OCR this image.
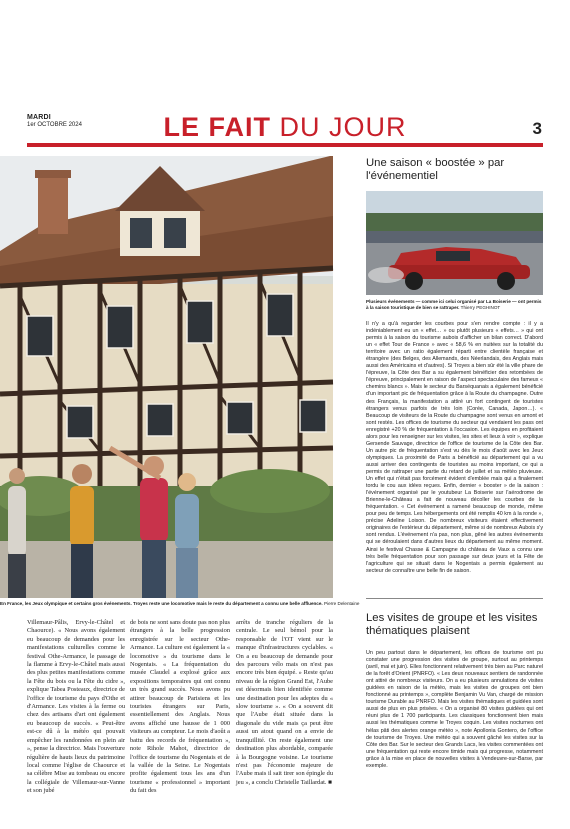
MARDI
1er OCTOBRE 2024	LE FAIT DU JOUR	3
En France, les Jeux olympique et certains gros événements. Troyes reste une locomotive mais le reste du département a connu une belle affluence. Pierre Delentaine

Villemaur-Pâlis, Ervy-le-Châtel et Chaource). « Nous avons également eu beaucoup de demandes pour les manifestations culturelles comme le festival Othe-Armance, le passage de la flamme à Ervy-le-Châtel mais aussi des plus petites manifestations comme la Fête du bois ou la Fête du cidre », explique Tabea Posteaux, directrice de l'office de tourisme du pays d'Othe et d'Armance. Les visites à la ferme ou chez des artisans d'art ont également eu beaucoup de succès. « Peut-être est-ce dû à la météo qui pouvait empêcher les randonnées en plein air », pense la directrice. Mais l'ouverture régulière de hauts lieux du patrimoine local comme l'église de Chaource et sa célèbre Mise au tombeau ou encore la collégiale de Villemaur-sur-Vanne et son jubé

de bois ne sont sans doute pas non plus étrangers à la belle progression enregistrée sur le secteur Othe-Armance. La culture est également la « locomotive » du tourisme dans le Nogentais. « La fréquentation du musée Claudel a explosé grâce aux expositions temporaires qui ont connu un très grand succès. Nous avons pu attirer beaucoup de Parisiens et les touristes étrangers sur Paris, essentiellement des Anglais. Nous avons affiché une hausse de 1 000 visiteurs au compteur. Le mois d'août a battu des records de fréquentation », note Rihole Mahot, directrice de l'office de tourisme du Nogentais et de la vallée de la Seine. Le Nogentais profite également tous les ans d'un tourisme « professionnel » important du fait des

arrêts de tranche réguliers de la centrale. Le seul bémol pour la responsable de l'OT vient sur le manque d'infrastructures cyclables. « On a eu beaucoup de demande pour des parcours vélo mais on n'est pas encore très bien équipé. » Reste qu'au niveau de la région Grand Est, l'Aube est désormais bien identifiée comme une destination pour les adeptes du « slow tourisme ». « On a souvent dit que l'Aube était située dans la diagonale du vide mais ça peut être aussi un atout quand on a envie de tranquillité. On reste également une destination plus abordable, comparée à la Bourgogne voisine. Le tourisme n'est pas l'économie majeure de l'Aube mais il sait tirer son épingle du jeu », a conclu Christelle Taillardat. ■

Une saison « boostée » par l'événementiel
Plusieurs événements — comme ici celui organisé par La Boiserie — ont permis à la saison touristique de bien se rattraper. Thierry PEGHINOT

Il n'y a qu'à regarder les courbes pour s'en rendre compte : il y a indéniablement eu un « effet… » ou plutôt plusieurs « effets… » qui ont permis à la saison du tourisme aubois d'afficher un bilan correct. D'abord un « effet Tour de France » avec « 58,6 % en nuitées sur la totalité du territoire avec un ratio également réparti entre clientèle française et étrangère (des Belges, des Allemands, des Néerlandais, des Anglais mais aussi des Américains et d'autres). Si Troyes a bien sûr été la ville phare de l'épreuve, la Côte des Bar a su également bénéficier des retombées de l'épreuve, principalement en raison de l'aspect spectaculaire des fameux « chemins blancs ». Mais le secteur du Barséquanais a également bénéficié d'un important pic de fréquentation grâce à la Route du champagne. Outre des Français, la manifestation a attiré un fort contingent de touristes étrangers venus parfois de très loin (Corée, Canada, Japon…). « Beaucoup de visiteurs de la Route du champagne sont venus en amont et sont restés. Les offices de tourisme du secteur qui vendaient les pass ont enregistré +20 % de fréquentation à l'occasion. Les équipes en profitaient alors pour les renseigner sur les visites, les sites et lieux à voir », explique Gersende Sauvage, directrice de l'office de tourisme de la Côte des Bar. Un autre pic de fréquentation s'est vu dès le mois d'août avec les Jeux olympiques. La proximité de Paris a bénéficié au département qui a vu aussi arriver des contingents de touristes au moins important, ce qui a permis de rattraper une partie du retard de juillet et sa météo pluvieuse. Un effet qui n'était pas forcément évident d'emblée mais qui a finalement tordu le cou aux idées reçues. Enfin, dernier « booster » de la saison : l'événement organisé par le youtubeur La Boiserie sur l'aérodrome de Brienne-le-Château a fait de nouveau décoller les courbes de la fréquentation. « Cet événement a ramené beaucoup de monde, même pour peu de temps. Les hébergements ont été remplis 40 km à la ronde », précise Adeline Loison. De nombreux visiteurs étaient effectivement originaires de l'extérieur du département, même si de nombreux Aubois s'y sont rendus. L'événement n'a pas, non plus, gêné les autres événements qui se déroulaient dans d'autres lieux du département au même moment. Ainsi le festival Chasse & Campagne du château de Vaux a connu une très belle fréquentation pour son passage sur deux jours et la Fête de l'agriculture qui se situait dans le Nogentais a permis également au secteur de connaître une belle fin de saison.

Les visites de groupe et les visites thématiques plaisent

Un peu partout dans le département, les offices de tourisme ont pu constater une progression des visites de groupe, surtout au printemps (avril, mai et juin). Elles fonctionnent relativement très bien au Parc naturel de la forêt d'Orient (PNRFO). « Les deux nouveaux sentiers de randonnée ont attiré de nombreux visiteurs. On a eu plusieurs annulations de visites guidées en raison de la météo, mais les visites de groupes ont bien fonctionné au printemps », complète Benjamin Vu Van, chargé de mission tourisme Durable au PNRFO. Mais les visites thématiques et guidées sont aussi de plus en plus prisées. « On a organisé 80 visites guidées qui ont réuni plus de 1 700 participants. Les classiques fonctionnent bien mais aussi les thématiques comme le Troyes coquin. Les visites nocturnes ont hélas pâti des alertes orange météo », note Apollonia Gontero, de l'office de tourisme de Troyes. Une météo qui a souvent gâché les visites sur la Côte des Bar. Sur le secteur des Grands Lacs, les visites commentées ont une fréquentation qui reste encore timide mais qui progresse, notamment grâce à la mise en place de nouvelles visites à Vendeuvre-sur-Barse, par exemple.
